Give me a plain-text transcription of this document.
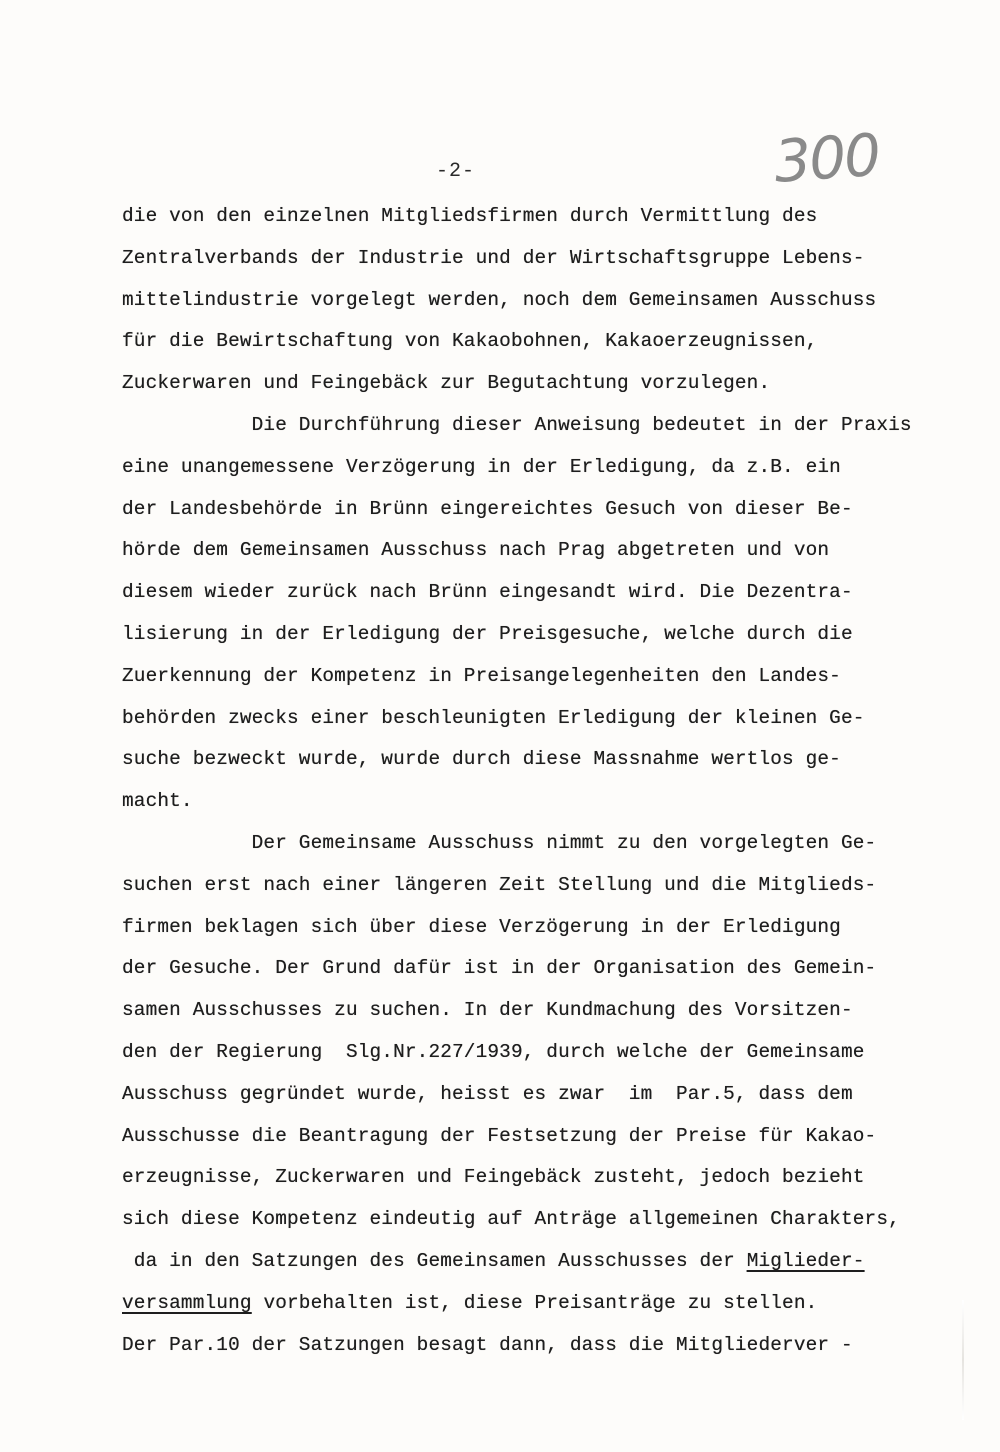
-2-	300
die von den einzelnen Mitgliedsfirmen durch Vermittlung des
Zentralverbands der Industrie und der Wirtschaftsgruppe Lebens-
mittelindustrie vorgelegt werden, noch dem Gemeinsamen Ausschuss
für die Bewirtschaftung von Kakaobohnen, Kakaoerzeugnissen,
Zuckerwaren und Feingebäck zur Begutachtung vorzulegen.
Die Durchführung dieser Anweisung bedeutet in der Praxis
eine unangemessene Verzögerung in der Erledigung, da z.B. ein
der Landesbehörde in Brünn eingereichtes Gesuch von dieser Be-
hörde dem Gemeinsamen Ausschuss nach Prag abgetreten und von
diesem wieder zurück nach Brünn eingesandt wird. Die Dezentra-
lisierung in der Erledigung der Preisgesuche, welche durch die
Zuerkennung der Kompetenz in Preisangelegenheiten den Landes-
behörden zwecks einer beschleunigten Erledigung der kleinen Ge-
suche bezweckt wurde, wurde durch diese Massnahme wertlos ge-
macht.
Der Gemeinsame Ausschuss nimmt zu den vorgelegten Ge-
suchen erst nach einer längeren Zeit Stellung und die Mitglieds-
firmen beklagen sich über diese Verzögerung in der Erledigung
der Gesuche. Der Grund dafür ist in der Organisation des Gemein-
samen Ausschusses zu suchen. In der Kundmachung des Vorsitzen-
den der Regierung  Slg.Nr.227/1939, durch welche der Gemeinsame
Ausschuss gegründet wurde, heisst es zwar  im  Par.5, dass dem
Ausschusse die Beantragung der Festsetzung der Preise für Kakao-
erzeugnisse, Zuckerwaren und Feingebäck zusteht, jedoch bezieht
sich diese Kompetenz eindeutig auf Anträge allgemeinen Charakters,
da in den Satzungen des Gemeinsamen Ausschusses der Miglieder-
versammlung vorbehalten ist, diese Preisanträge zu stellen.
Der Par.10 der Satzungen besagt dann, dass die Mitgliederver -
